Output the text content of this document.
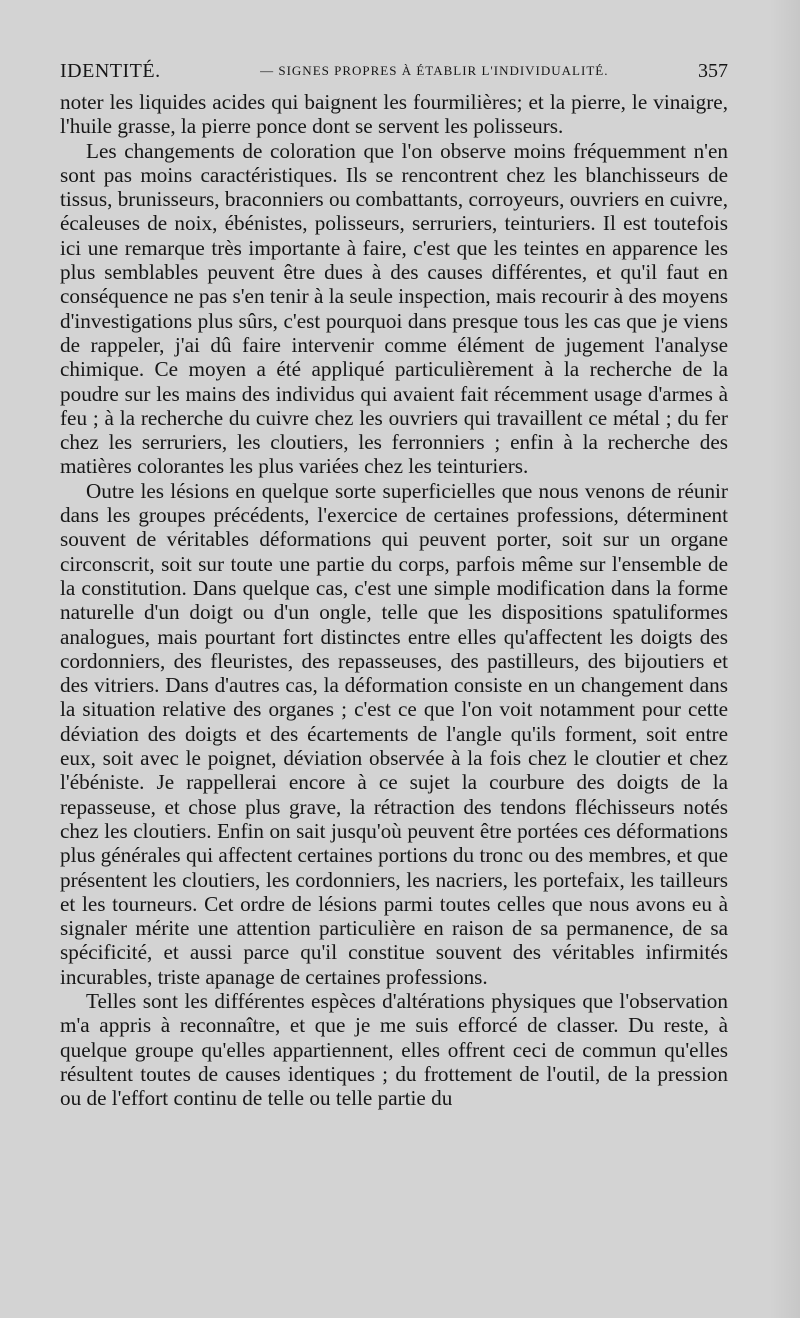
IDENTITÉ.	— SIGNES PROPRES À ÉTABLIR L'INDIVIDUALITÉ.	357

noter les liquides acides qui baignent les fourmilières; et la pierre, le vinaigre, l'huile grasse, la pierre ponce dont se servent les polisseurs.

Les changements de coloration que l'on observe moins fréquemment n'en sont pas moins caractéristiques. Ils se rencontrent chez les blanchisseurs de tissus, brunisseurs, braconniers ou combattants, corroyeurs, ouvriers en cuivre, écaleuses de noix, ébénistes, polisseurs, serruriers, teinturiers. Il est toutefois ici une remarque très importante à faire, c'est que les teintes en apparence les plus semblables peuvent être dues à des causes différentes, et qu'il faut en conséquence ne pas s'en tenir à la seule inspection, mais recourir à des moyens d'investigations plus sûrs, c'est pourquoi dans presque tous les cas que je viens de rappeler, j'ai dû faire intervenir comme élément de jugement l'analyse chimique. Ce moyen a été appliqué particulièrement à la recherche de la poudre sur les mains des individus qui avaient fait récemment usage d'armes à feu ; à la recherche du cuivre chez les ouvriers qui travaillent ce métal ; du fer chez les serruriers, les cloutiers, les ferronniers ; enfin à la recherche des matières colorantes les plus variées chez les teinturiers.

Outre les lésions en quelque sorte superficielles que nous venons de réunir dans les groupes précédents, l'exercice de certaines professions, déterminent souvent de véritables déformations qui peuvent porter, soit sur un organe circonscrit, soit sur toute une partie du corps, parfois même sur l'ensemble de la constitution. Dans quelque cas, c'est une simple modification dans la forme naturelle d'un doigt ou d'un ongle, telle que les dispositions spatuliformes analogues, mais pourtant fort distinctes entre elles qu'affectent les doigts des cordonniers, des fleuristes, des repasseuses, des pastilleurs, des bijoutiers et des vitriers. Dans d'autres cas, la déformation consiste en un changement dans la situation relative des organes ; c'est ce que l'on voit notamment pour cette déviation des doigts et des écartements de l'angle qu'ils forment, soit entre eux, soit avec le poignet, déviation observée à la fois chez le cloutier et chez l'ébéniste. Je rappellerai encore à ce sujet la courbure des doigts de la repasseuse, et chose plus grave, la rétraction des tendons fléchisseurs notés chez les cloutiers. Enfin on sait jusqu'où peuvent être portées ces déformations plus générales qui affectent certaines portions du tronc ou des membres, et que présentent les cloutiers, les cordonniers, les nacriers, les portefaix, les tailleurs et les tourneurs. Cet ordre de lésions parmi toutes celles que nous avons eu à signaler mérite une attention particulière en raison de sa permanence, de sa spécificité, et aussi parce qu'il constitue souvent des véritables infirmités incurables, triste apanage de certaines professions.

Telles sont les différentes espèces d'altérations physiques que l'observation m'a appris à reconnaître, et que je me suis efforcé de classer. Du reste, à quelque groupe qu'elles appartiennent, elles offrent ceci de commun qu'elles résultent toutes de causes identiques ; du frottement de l'outil, de la pression ou de l'effort continu de telle ou telle partie du
